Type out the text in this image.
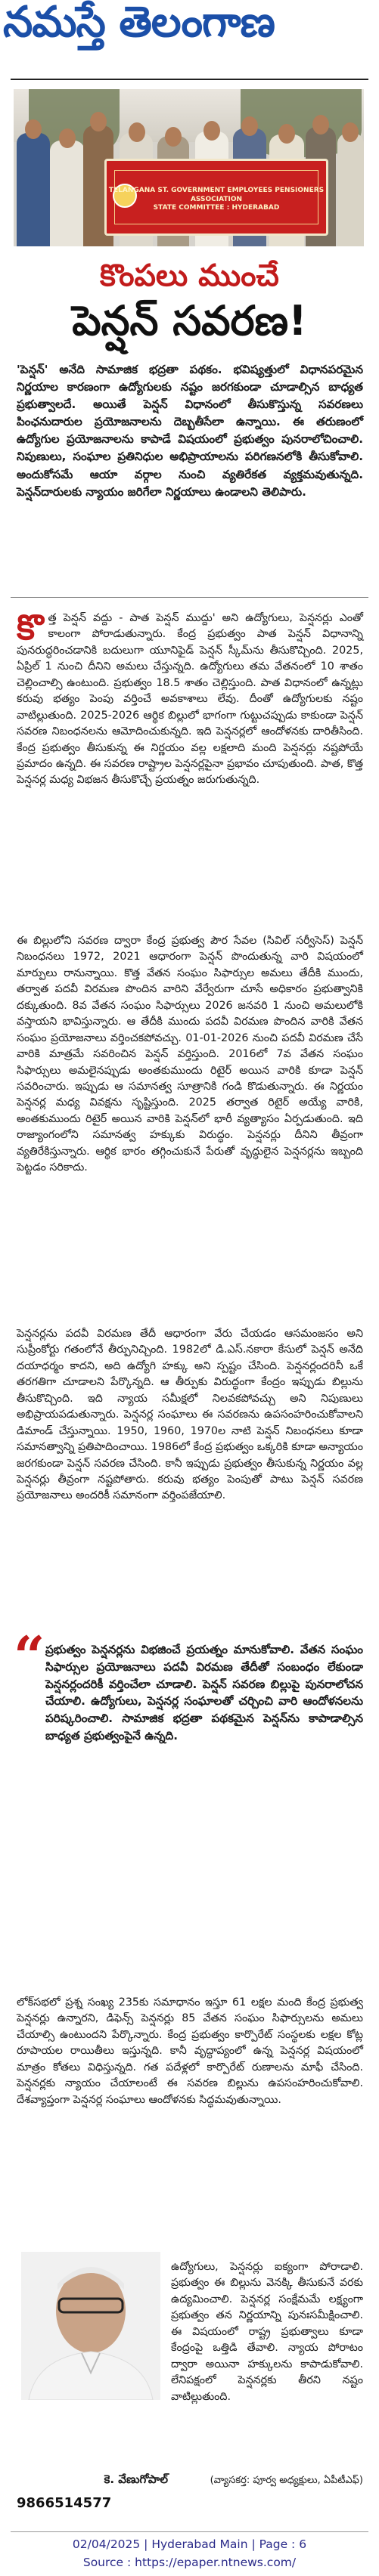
నమస్తే తెలంగాణ
TELANGANA ST. GOVERNMENT EMPLOYEES PENSIONERS ASSOCIATION
STATE COMMITTEE : HYDERABAD
కొంపలు ముంచే
పెన్షన్ సవరణ!
'పెన్షన్' అనేది సామాజిక భద్రతా పథకం. భవిష్యత్తులో విధానపరమైన నిర్ణయాల కారణంగా ఉద్యోగులకు నష్టం జరగకుండా చూడాల్సిన బాధ్యత ప్రభుత్వాలదే. అయితే పెన్షన్ విధానంలో తీసుకొస్తున్న సవరణలు పింఛనుదారుల ప్రయోజనాలను దెబ్బతీసేలా ఉన్నాయి. ఈ తరుణంలో ఉద్యోగుల ప్రయోజనాలను కాపాడే విషయంలో ప్రభుత్వం పునరాలోచించాలి. నిపుణులు, సంఘాల ప్రతినిధుల అభిప్రాయాలను పరిగణనలోకి తీసుకోవాలి. అందుకోసమే ఆయా వర్గాల నుంచి వ్యతిరేకత వ్యక్తమవుతున్నది. పెన్షన్‌దారులకు న్యాయం జరిగేలా నిర్ణయాలు ఉండాలని తెలిపారు.
కొ త్త పెన్షన్ వద్దు - పాత పెన్షన్ ముద్దు' అని ఉద్యోగులు, పెన్షనర్లు ఎంతో కాలంగా పోరాడుతున్నారు. కేంద్ర ప్రభుత్వం పాత పెన్షన్ విధానాన్ని పునరుద్ధరించడానికి బదులుగా యూనిఫైడ్ పెన్షన్ స్కీమ్‌ను తీసుకొచ్చింది. 2025, ఏప్రిల్ 1 నుంచి దీనిని అమలు చేస్తున్నది. ఉద్యోగులు తమ వేతనంలో 10 శాతం చెల్లించాల్సి ఉంటుంది. ప్రభుత్వం 18.5 శాతం చెల్లిస్తుంది. పాత విధానంలో ఉన్నట్లు కరువు భత్యం పెంపు వర్తించే అవకాశాలు లేవు. దీంతో ఉద్యోగులకు నష్టం వాటిల్లుతుంది. 2025-2026 ఆర్థిక బిల్లులో భాగంగా గుట్టుచప్పుడు కాకుండా పెన్షన్ సవరణ నిబంధనలను ఆమోదించుకున్నది. ఇది పెన్షనర్లలో ఆందోళనకు దారితీసింది. కేంద్ర ప్రభుత్వం తీసుకున్న ఈ నిర్ణయం వల్ల లక్షలాది మంది పెన్షనర్లు నష్టపోయే ప్రమాదం ఉన్నది. ఈ సవరణ రాష్ట్రాల పెన్షనర్లపైనా ప్రభావం చూపుతుంది. పాత, కొత్త పెన్షనర్ల మధ్య విభజన తీసుకొచ్చే ప్రయత్నం జరుగుతున్నది.
ఈ బిల్లులోని సవరణ ద్వారా కేంద్ర ప్రభుత్వ పౌర సేవల (సివిల్ సర్వీసెస్) పెన్షన్ నిబంధనలు 1972, 2021 ఆధారంగా పెన్షన్ పొందుతున్న వారి విషయంలో మార్పులు రానున్నాయి. కొత్త వేతన సంఘం సిఫార్సుల అమలు తేదీకి ముందు, తర్వాత పదవీ విరమణ పొందిన వారిని వేర్వేరుగా చూసే అధికారం ప్రభుత్వానికి దక్కుతుంది. 8వ వేతన సంఘం సిఫార్సులు 2026 జనవరి 1 నుంచి అమలులోకి వస్తాయని భావిస్తున్నారు. ఆ తేదీకి ముందు పదవీ విరమణ పొందిన వారికి వేతన సంఘం ప్రయోజనాలు వర్తించకపోవచ్చు. 01-01-2026 నుంచి పదవీ విరమణ చేసే వారికి మాత్రమే సవరించిన పెన్షన్ వర్తిస్తుంది. 2016లో 7వ వేతన సంఘం సిఫార్సులు అమలైనప్పుడు అంతకుముందు రిటైర్ అయిన వారికి కూడా పెన్షన్ సవరించారు. ఇప్పుడు ఆ సమానత్వ సూత్రానికి గండి కొడుతున్నారు. ఈ నిర్ణయం పెన్షనర్ల మధ్య వివక్షను సృష్టిస్తుంది. 2025 తర్వాత రిటైర్ అయ్యే వారికి, అంతకుముందు రిటైర్ అయిన వారికి పెన్షన్‌లో భారీ వ్యత్యాసం ఏర్పడుతుంది. ఇది రాజ్యాంగంలోని సమానత్వ హక్కుకు విరుద్ధం. పెన్షనర్లు దీనిని తీవ్రంగా వ్యతిరేకిస్తున్నారు. ఆర్థిక భారం తగ్గించుకునే పేరుతో వృద్ధులైన పెన్షనర్లను ఇబ్బంది పెట్టడం సరికాదు.
పెన్షనర్లను పదవీ విరమణ తేదీ ఆధారంగా వేరు చేయడం ఆసమంజసం అని సుప్రీంకోర్టు గతంలోనే తీర్పునిచ్చింది. 1982లో డి.ఎస్.నకారా కేసులో పెన్షన్ అనేది దయాధర్మం కాదని, అది ఉద్యోగి హక్కు అని స్పష్టం చేసింది. పెన్షనర్లందరినీ ఒకే తరగతిగా చూడాలని పేర్కొన్నది. ఆ తీర్పుకు విరుద్ధంగా కేంద్రం ఇప్పుడు బిల్లును తీసుకొచ్చింది. ఇది న్యాయ సమీక్షలో నిలవకపోవచ్చు అని నిపుణులు అభిప్రాయపడుతున్నారు. పెన్షనర్ల సంఘాలు ఈ సవరణను ఉపసంహరించుకోవాలని డిమాండ్ చేస్తున్నాయి. 1950, 1960, 1970ల నాటి పెన్షన్ నిబంధనలు కూడా సమానత్వాన్ని ప్రతిపాదించాయి. 1986లో కేంద్ర ప్రభుత్వం ఒక్కరికి కూడా అన్యాయం జరగకుండా పెన్షన్ సవరణ చేసింది. కానీ ఇప్పుడు ప్రభుత్వం తీసుకున్న నిర్ణయం వల్ల పెన్షనర్లు తీవ్రంగా నష్టపోతారు. కరువు భత్యం పెంపుతో పాటు పెన్షన్ సవరణ ప్రయోజనాలు అందరికీ సమానంగా వర్తింపజేయాలి.
“ ప్రభుత్వం పెన్షనర్లను విభజించే ప్రయత్నం మానుకోవాలి. వేతన సంఘం సిఫార్సుల ప్రయోజనాలు పదవీ విరమణ తేదీతో సంబంధం లేకుండా పెన్షనర్లందరికీ వర్తించేలా చూడాలి. పెన్షన్ సవరణ బిల్లుపై పునరాలోచన చేయాలి. ఉద్యోగులు, పెన్షనర్ల సంఘాలతో చర్చించి వారి ఆందోళనలను పరిష్కరించాలి. సామాజిక భద్రతా పథకమైన పెన్షన్‌ను కాపాడాల్సిన బాధ్యత ప్రభుత్వంపైనే ఉన్నది.
లోక్‌సభలో ప్రశ్న సంఖ్య 235కు సమాధానం ఇస్తూ 61 లక్షల మంది కేంద్ర ప్రభుత్వ పెన్షనర్లు ఉన్నారని, డిఫెన్స్ పెన్షనర్లు 85 వేతన సంఘం సిఫార్సులను అమలు చేయాల్సి ఉంటుందని పేర్కొన్నారు. కేంద్ర ప్రభుత్వం కార్పొరేట్ సంస్థలకు లక్షల కోట్ల రూపాయల రాయితీలు ఇస్తున్నది. కానీ వృద్ధాప్యంలో ఉన్న పెన్షనర్ల విషయంలో మాత్రం కోతలు విధిస్తున్నది. గత పదేళ్లలో కార్పొరేట్ రుణాలను మాఫీ చేసింది. పెన్షనర్లకు న్యాయం చేయాలంటే ఈ సవరణ బిల్లును ఉపసంహరించుకోవాలి. దేశవ్యాప్తంగా పెన్షనర్ల సంఘాలు ఆందోళనకు సిద్ధమవుతున్నాయి.
ఉద్యోగులు, పెన్షనర్లు ఐక్యంగా పోరాడాలి. ప్రభుత్వం ఈ బిల్లును వెనక్కి తీసుకునే వరకు ఉద్యమించాలి. పెన్షనర్ల సంక్షేమమే లక్ష్యంగా ప్రభుత్వం తన నిర్ణయాన్ని పునఃసమీక్షించాలి. ఈ విషయంలో రాష్ట్ర ప్రభుత్వాలు కూడా కేంద్రంపై ఒత్తిడి తేవాలి. న్యాయ పోరాటం ద్వారా అయినా హక్కులను కాపాడుకోవాలి. లేనిపక్షంలో పెన్షనర్లకు తీరని నష్టం వాటిల్లుతుంది.
కె. వేణుగోపాల్
9866514577
(వ్యాసకర్త: పూర్వ అధ్యక్షులు, ఏపీటీఎఫ్)
02/04/2025 | Hyderabad Main | Page : 6
Source : https://epaper.ntnews.com/
